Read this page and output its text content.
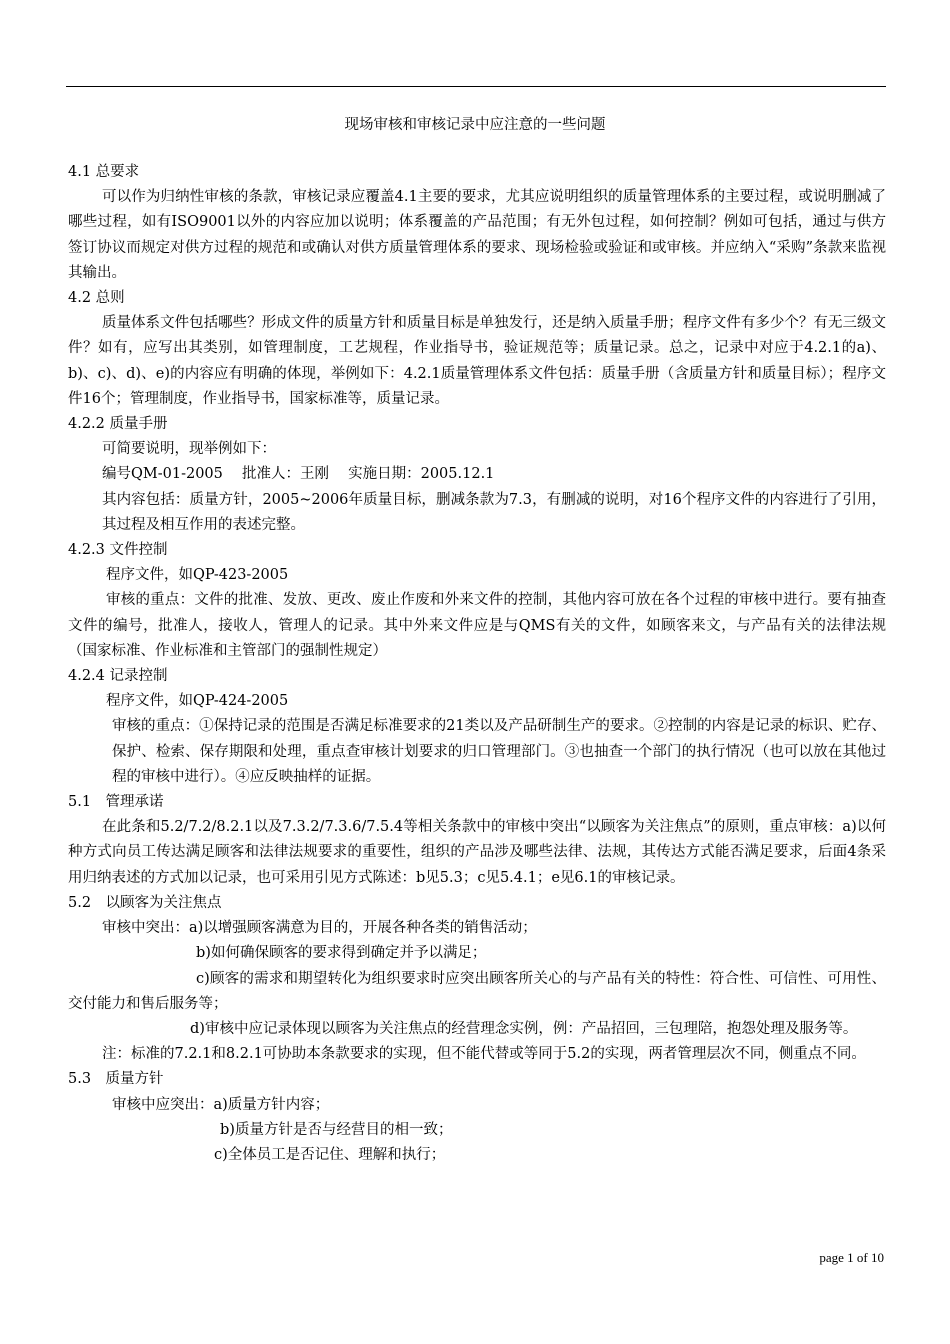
现场审核和审核记录中应注意的一些问题

4.1 总要求

可以作为归纳性审核的条款，审核记录应覆盖4.1主要的要求，尤其应说明组织的质量管理体系的主要过程，或说明删减了哪些过程，如有ISO9001以外的内容应加以说明；体系覆盖的产品范围；有无外包过程，如何控制？例如可包括，通过与供方签订协议而规定对供方过程的规范和或确认对供方质量管理体系的要求、现场检验或验证和或审核。并应纳入“采购”条款来监视其输出。

4.2 总则

质量体系文件包括哪些？形成文件的质量方针和质量目标是单独发行，还是纳入质量手册；程序文件有多少个？有无三级文件？如有，应写出其类别，如管理制度，工艺规程，作业指导书，验证规范等；质量记录。总之，记录中对应于4.2.1的a)、b)、c)、d)、e)的内容应有明确的体现，举例如下：4.2.1质量管理体系文件包括：质量手册（含质量方针和质量目标）；程序文件16个；管理制度，作业指导书，国家标准等，质量记录。

4.2.2 质量手册

可简要说明，现举例如下：

编号QM-01-2005　 批准人：王刚　 实施日期：2005.12.1

其内容包括：质量方针，2005~2006年质量目标，删减条款为7.3，有删减的说明，对16个程序文件的内容进行了引用，其过程及相互作用的表述完整。

4.2.3 文件控制

程序文件，如QP-423-2005

审核的重点：文件的批准、发放、更改、废止作废和外来文件的控制，其他内容可放在各个过程的审核中进行。要有抽查文件的编号，批准人，接收人，管理人的记录。其中外来文件应是与QMS有关的文件，如顾客来文，与产品有关的法律法规（国家标准、作业标准和主管部门的强制性规定）

4.2.4 记录控制

程序文件，如QP-424-2005

审核的重点：①保持记录的范围是否满足标准要求的21类以及产品研制生产的要求。②控制的内容是记录的标识、贮存、保护、检索、保存期限和处理，重点查审核计划要求的归口管理部门。③也抽查一个部门的执行情况（也可以放在其他过程的审核中进行）。④应反映抽样的证据。

5.1　管理承诺

在此条和5.2/7.2/8.2.1以及7.3.2/7.3.6/7.5.4等相关条款中的审核中突出“以顾客为关注焦点”的原则，重点审核：a)以何种方式向员工传达满足顾客和法律法规要求的重要性，组织的产品涉及哪些法律、法规，其传达方式能否满足要求，后面4条采用归纳表述的方式加以记录，也可采用引见方式陈述：b见5.3；c见5.4.1；e见6.1的审核记录。

5.2　以顾客为关注焦点

审核中突出：a)以增强顾客满意为目的，开展各种各类的销售活动；

b)如何确保顾客的要求得到确定并予以满足；

c)顾客的需求和期望转化为组织要求时应突出顾客所关心的与产品有关的特性：符合性、可信性、可用性、交付能力和售后服务等；

d)审核中应记录体现以顾客为关注焦点的经营理念实例，例：产品招回，三包理陪，抱怨处理及服务等。

注：标准的7.2.1和8.2.1可协助本条款要求的实现，但不能代替或等同于5.2的实现，两者管理层次不同，侧重点不同。

5.3　质量方针

审核中应突出：a)质量方针内容；

b)质量方针是否与经营目的相一致；

c)全体员工是否记住、理解和执行；

page 1 of 10
